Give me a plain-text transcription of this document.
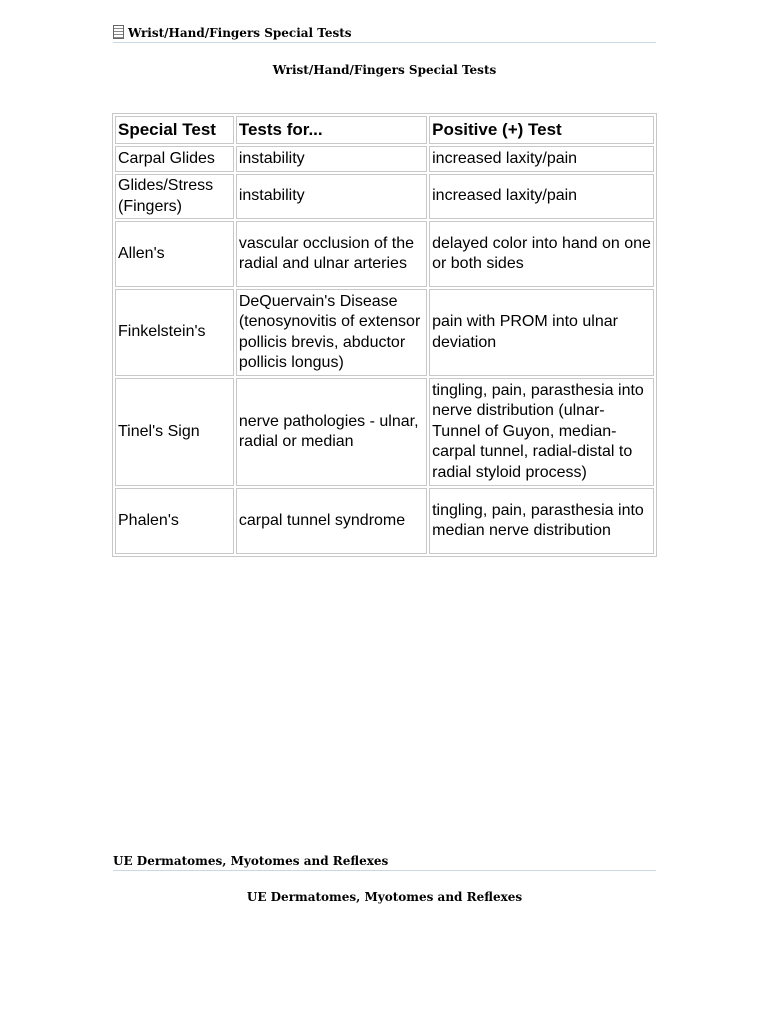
Wrist/Hand/Fingers Special Tests
Wrist/Hand/Fingers Special Tests
Special Test	Tests for...	Positive (+) Test
Carpal Glides	instability	increased laxity/pain
Glides/Stress (Fingers)	instability	increased laxity/pain
Allen's	vascular occlusion of the radial and ulnar arteries	delayed color into hand on one or both sides
Finkelstein's	DeQuervain's Disease (tenosynovitis of extensor pollicis brevis, abductor pollicis longus)	pain with PROM into ulnar deviation
Tinel's Sign	nerve pathologies - ulnar, radial or median	tingling, pain, parasthesia into nerve distribution (ulnar-Tunnel of Guyon, median-carpal tunnel, radial-distal to radial styloid process)
Phalen's	carpal tunnel syndrome	tingling, pain, parasthesia into median nerve distribution
UE Dermatomes, Myotomes and Reflexes
UE Dermatomes, Myotomes and Reflexes
